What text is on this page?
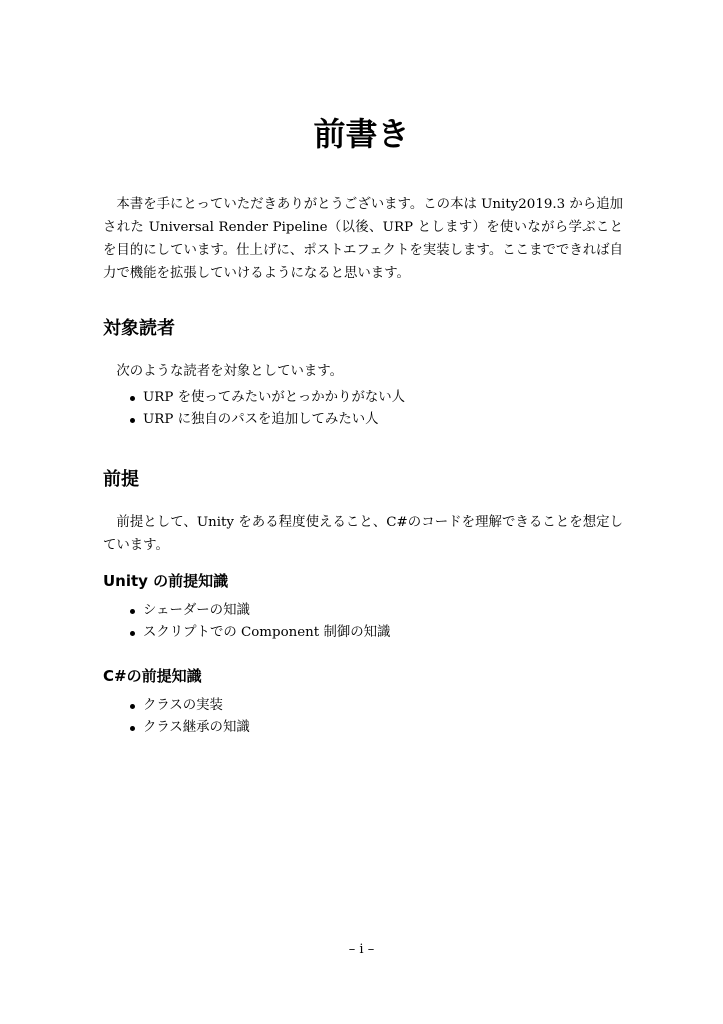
前書き

本書を手にとっていただきありがとうございます。この本は Unity2019.3 から追加された Universal Render Pipeline（以後、URP とします）を使いながら学ぶことを目的にしています。仕上げに、ポストエフェクトを実装します。ここまでできれば自力で機能を拡張していけるようになると思います。

対象読者

次のような読者を対象としています。

URP を使ってみたいがとっかかりがない人
URP に独自のパスを追加してみたい人
前提

前提として、Unity をある程度使えること、C#のコードを理解できることを想定しています。

Unity の前提知識
シェーダーの知識
スクリプトでの Component 制御の知識
C#の前提知識
クラスの実装
クラス継承の知識
– i –
